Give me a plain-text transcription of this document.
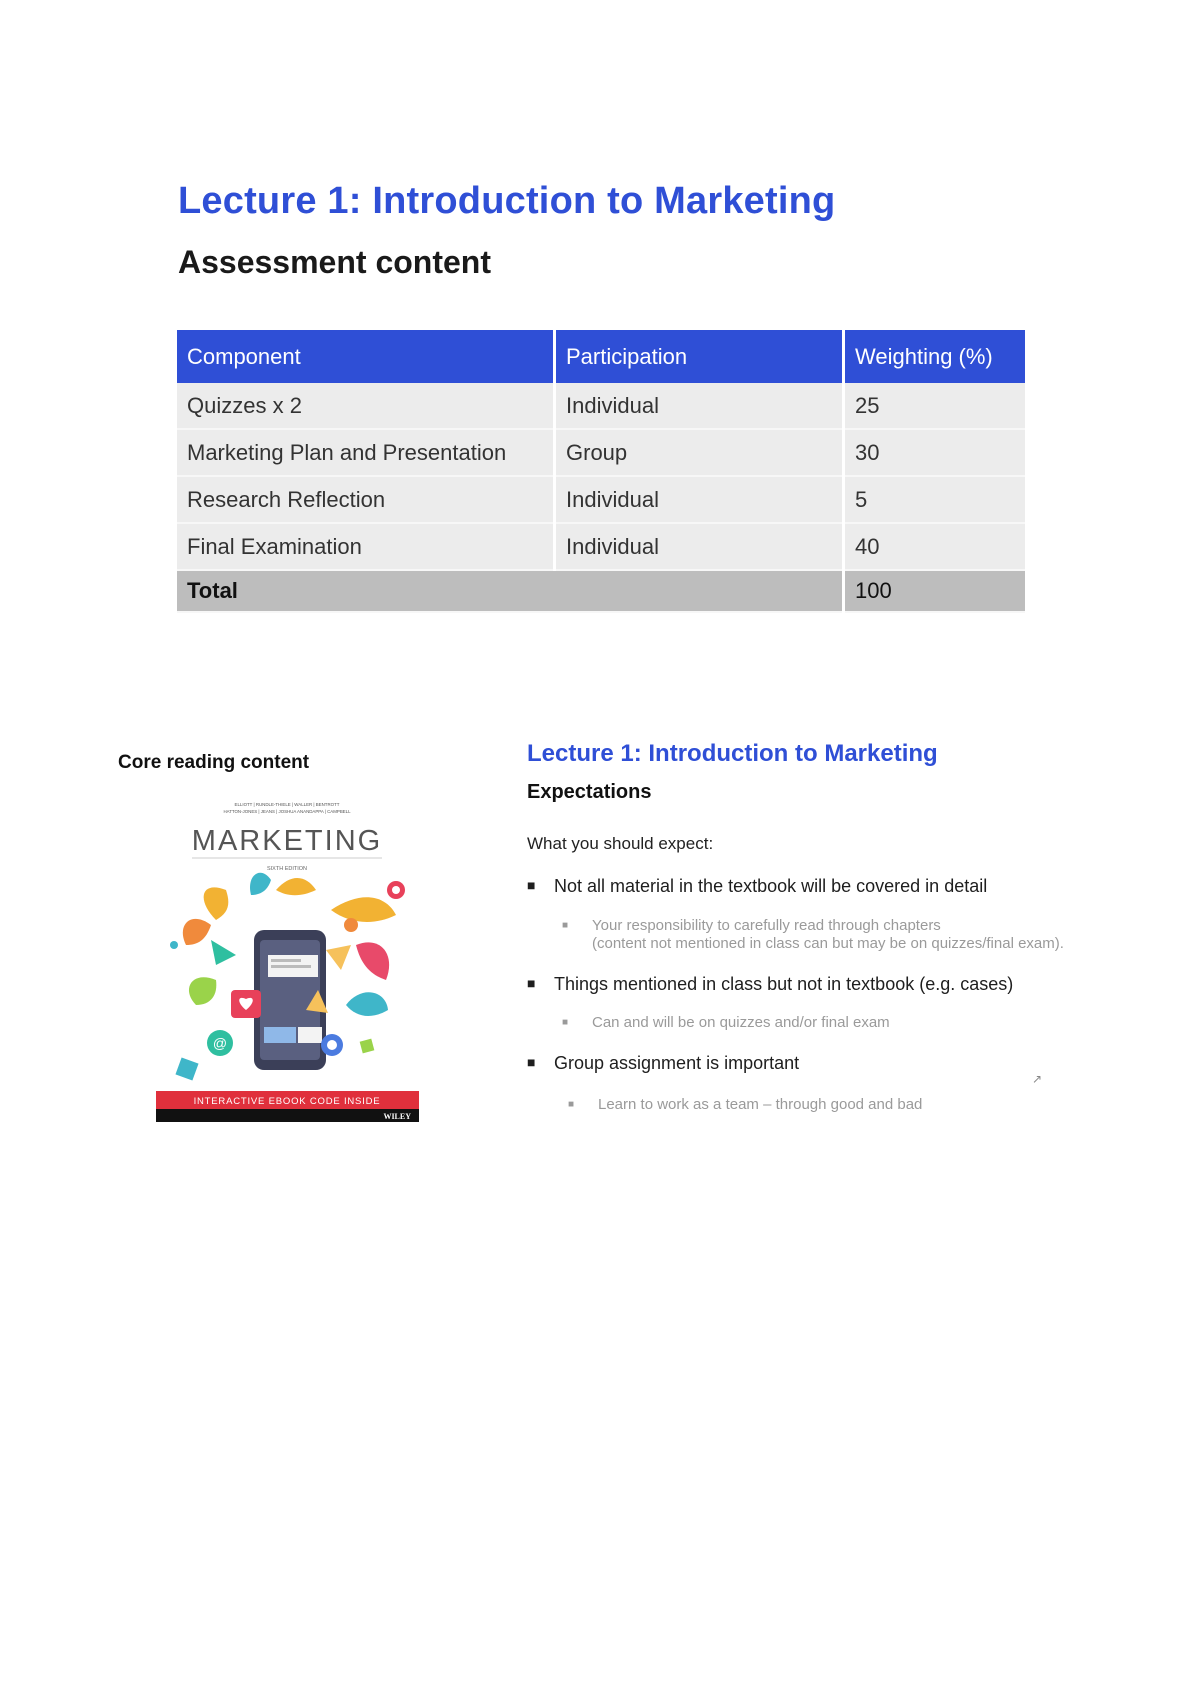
Lecture 1: Introduction to Marketing
Assessment content
Component	Participation	Weighting (%)
Quizzes x 2	Individual	25
Marketing Plan and Presentation	Group	30
Research Reflection	Individual	5
Final Examination	Individual	40
Total		100

Core reading content

ELLIOTT | RUNDLE-THIELE | WALLER | BENTROTT
HATTON-JONES | JEANS | JOSHUA ANANDAPPA | CAMPBELL
MARKETING
SIXTH EDITION
@
INTERACTIVE EBOOK CODE INSIDE
WILEY
Lecture 1: Introduction to Marketing
Expectations

What you should expect:

■ Not all material in the textbook will be covered in detail
■ Your responsibility to carefully read through chapters
(content not mentioned in class can but may be on quizzes/final exam).
■ Things mentioned in class but not in textbook (e.g. cases)
■ Can and will be on quizzes and/or final exam
■ Group assignment is important
■ Learn to work as a team – through good and bad
↗
